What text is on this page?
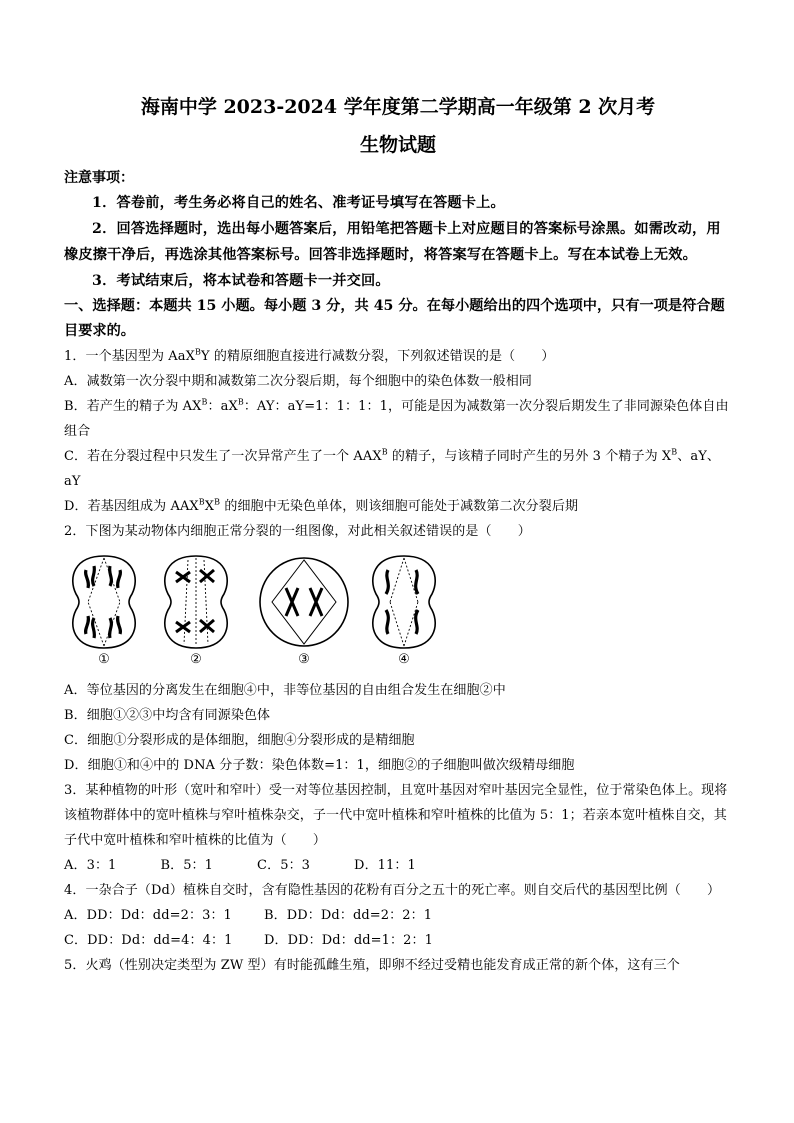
海南中学 2023-2024 学年度第二学期高一年级第 2 次月考

生物试题

注意事项：

1．答卷前，考生务必将自己的姓名、准考证号填写在答题卡上。

2．回答选择题时，选出每小题答案后，用铅笔把答题卡上对应题目的答案标号涂黑。如需改动，用橡皮擦干净后，再选涂其他答案标号。回答非选择题时，将答案写在答题卡上。写在本试卷上无效。

3．考试结束后，将本试卷和答题卡一并交回。

一、选择题：本题共 15 小题。每小题 3 分，共 45 分。在每小题给出的四个选项中，只有一项是符合题目要求的。

1．一个基因型为 AaX$^B$Y 的精原细胞直接进行减数分裂，下列叙述错误的是（　　）

A．减数第一次分裂中期和减数第二次分裂后期，每个细胞中的染色体数一般相同

B．若产生的精子为 $AX^B$：$aX^B$：AY：aY=1：1：1：1，可能是因为减数第一次分裂后期发生了非同源染色体自由组合

C．若在分裂过程中只发生了一次异常产生了一个 $AAX^B$ 的精子，与该精子同时产生的另外 3 个精子为 $X^B$、aY、aY

D．若基因组成为 $AAX^BX^B$ 的细胞中无染色单体，则该细胞可能处于减数第二次分裂后期

2．下图为某动物体内细胞正常分裂的一组图像，对此相关叙述错误的是（　　）

①	②	③	④

A．等位基因的分离发生在细胞④中，非等位基因的自由组合发生在细胞②中

B．细胞①②③中均含有同源染色体

C．细胞①分裂形成的是体细胞，细胞④分裂形成的是精细胞

D．细胞①和④中的 DNA 分子数：染色体数=1：1，细胞②的子细胞叫做次级精母细胞

3．某种植物的叶形（宽叶和窄叶）受一对等位基因控制，且宽叶基因对窄叶基因完全显性，位于常染色体上。现将该植物群体中的宽叶植株与窄叶植株杂交，子一代中宽叶植株和窄叶植株的比值为 5：1；若亲本宽叶植株自交，其子代中宽叶植株和窄叶植株的比值为（　　）

A．3：1	B．5：1	C．5：3	D．11：1

4．一杂合子（Dd）植株自交时，含有隐性基因的花粉有百分之五十的死亡率。则自交后代的基因型比例（　　）

A．DD：Dd：dd=2：3：1	B．DD：Dd：dd=2：2：1

C．DD：Dd：dd=4：4：1	D．DD：Dd：dd=1：2：1

5．火鸡（性别决定类型为 ZW 型）有时能孤雌生殖，即卵不经过受精也能发育成正常的新个体，这有三个
